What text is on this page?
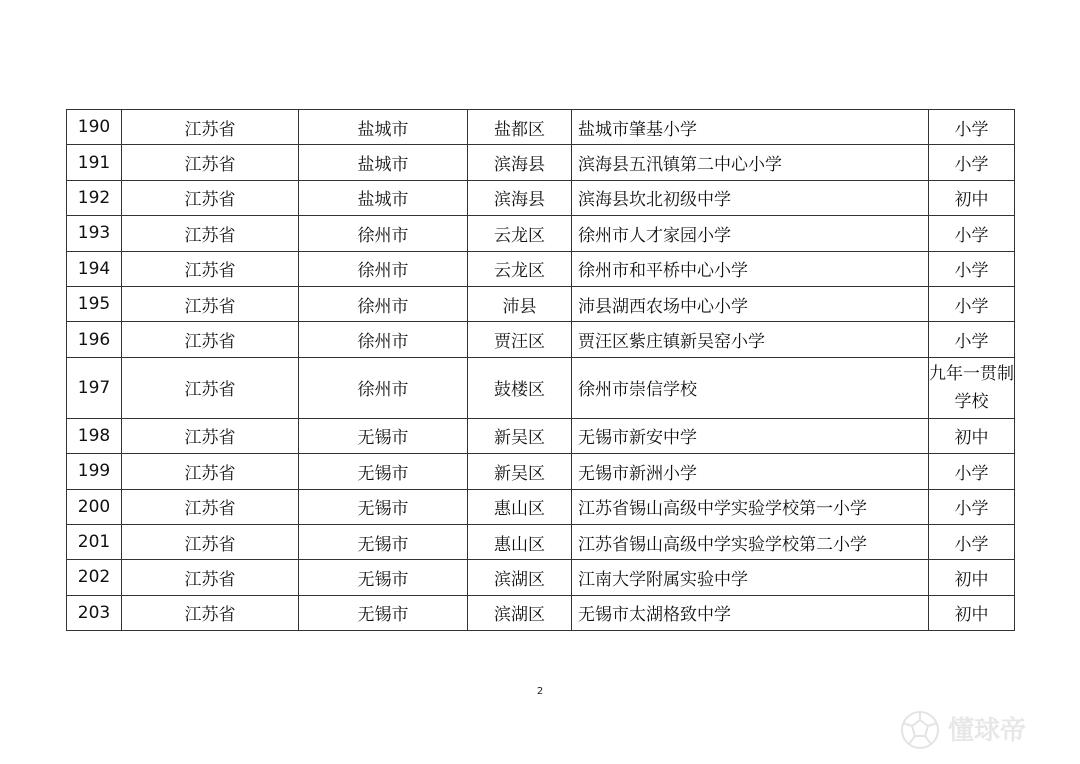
190	江苏省	盐城市	盐都区	盐城市肇基小学	小学
191	江苏省	盐城市	滨海县	滨海县五汛镇第二中心小学	小学
192	江苏省	盐城市	滨海县	滨海县坎北初级中学	初中
193	江苏省	徐州市	云龙区	徐州市人才家园小学	小学
194	江苏省	徐州市	云龙区	徐州市和平桥中心小学	小学
195	江苏省	徐州市	沛县	沛县湖西农场中心小学	小学
196	江苏省	徐州市	贾汪区	贾汪区紫庄镇新吴窑小学	小学
197	江苏省	徐州市	鼓楼区	徐州市崇信学校	九年一贯制学校
198	江苏省	无锡市	新吴区	无锡市新安中学	初中
199	江苏省	无锡市	新吴区	无锡市新洲小学	小学
200	江苏省	无锡市	惠山区	江苏省锡山高级中学实验学校第一小学	小学
201	江苏省	无锡市	惠山区	江苏省锡山高级中学实验学校第二小学	小学
202	江苏省	无锡市	滨湖区	江南大学附属实验中学	初中
203	江苏省	无锡市	滨湖区	无锡市太湖格致中学	初中
2
懂球帝
